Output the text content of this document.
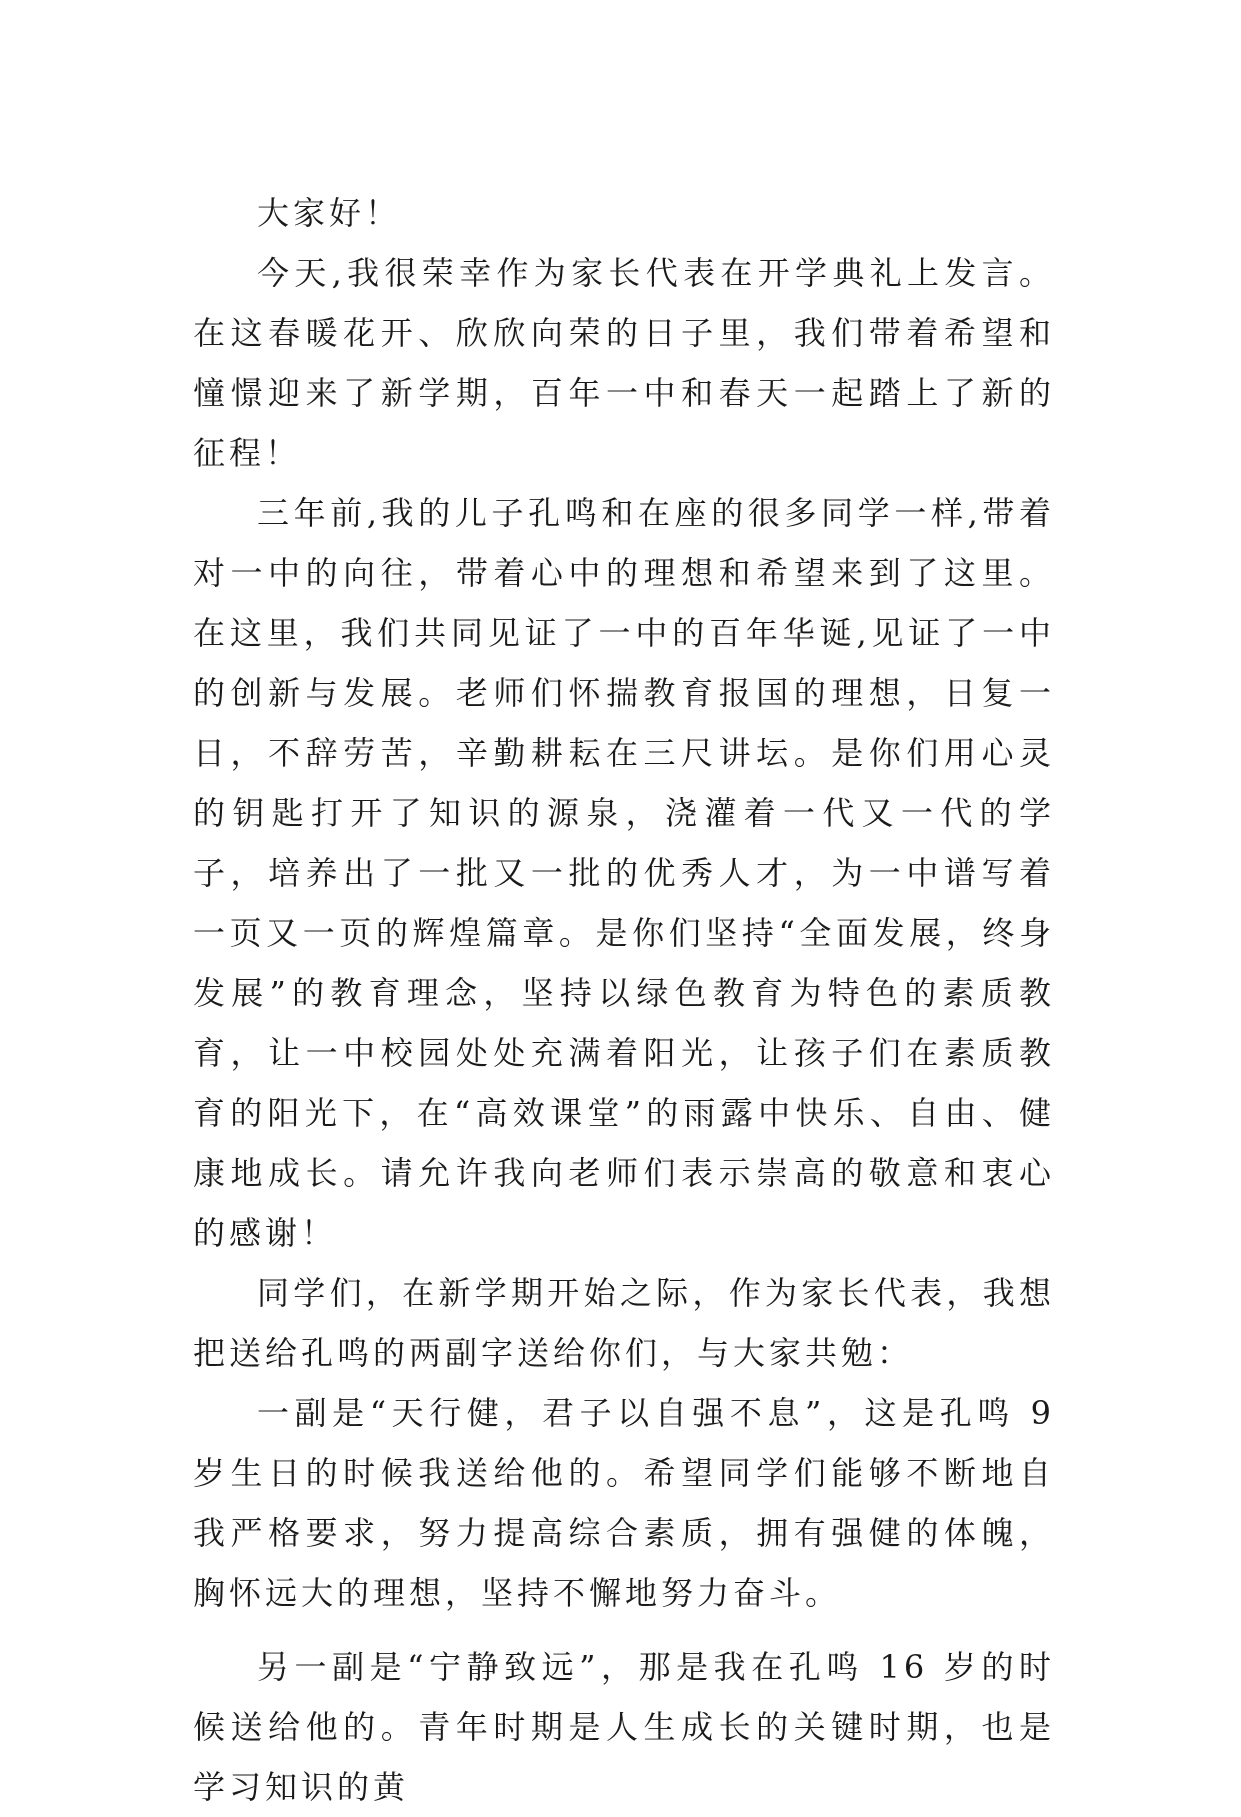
大家好！

今天,我很荣幸作为家长代表在开学典礼上发言。在这春暖花开、欣欣向荣的日子里，我们带着希望和憧憬迎来了新学期，百年一中和春天一起踏上了新的征程！

三年前,我的儿子孔鸣和在座的很多同学一样,带着对一中的向往，带着心中的理想和希望来到了这里。在这里，我们共同见证了一中的百年华诞,见证了一中的创新与发展。老师们怀揣教育报国的理想，日复一日，不辞劳苦，辛勤耕耘在三尺讲坛。是你们用心灵的钥匙打开了知识的源泉，浇灌着一代又一代的学子，培养出了一批又一批的优秀人才，为一中谱写着一页又一页的辉煌篇章。是你们坚持“全面发展，终身发展”的教育理念，坚持以绿色教育为特色的素质教育，让一中校园处处充满着阳光，让孩子们在素质教育的阳光下，在“高效课堂”的雨露中快乐、自由、健康地成长。请允许我向老师们表示崇高的敬意和衷心的感谢！

同学们，在新学期开始之际，作为家长代表，我想把送给孔鸣的两副字送给你们，与大家共勉：

一副是“天行健，君子以自强不息”，这是孔鸣 9 岁生日的时候我送给他的。希望同学们能够不断地自我严格要求，努力提高综合素质，拥有强健的体魄，胸怀远大的理想，坚持不懈地努力奋斗。

另一副是“宁静致远”，那是我在孔鸣 16 岁的时候送给他的。青年时期是人生成长的关键时期，也是学习知识的黄
